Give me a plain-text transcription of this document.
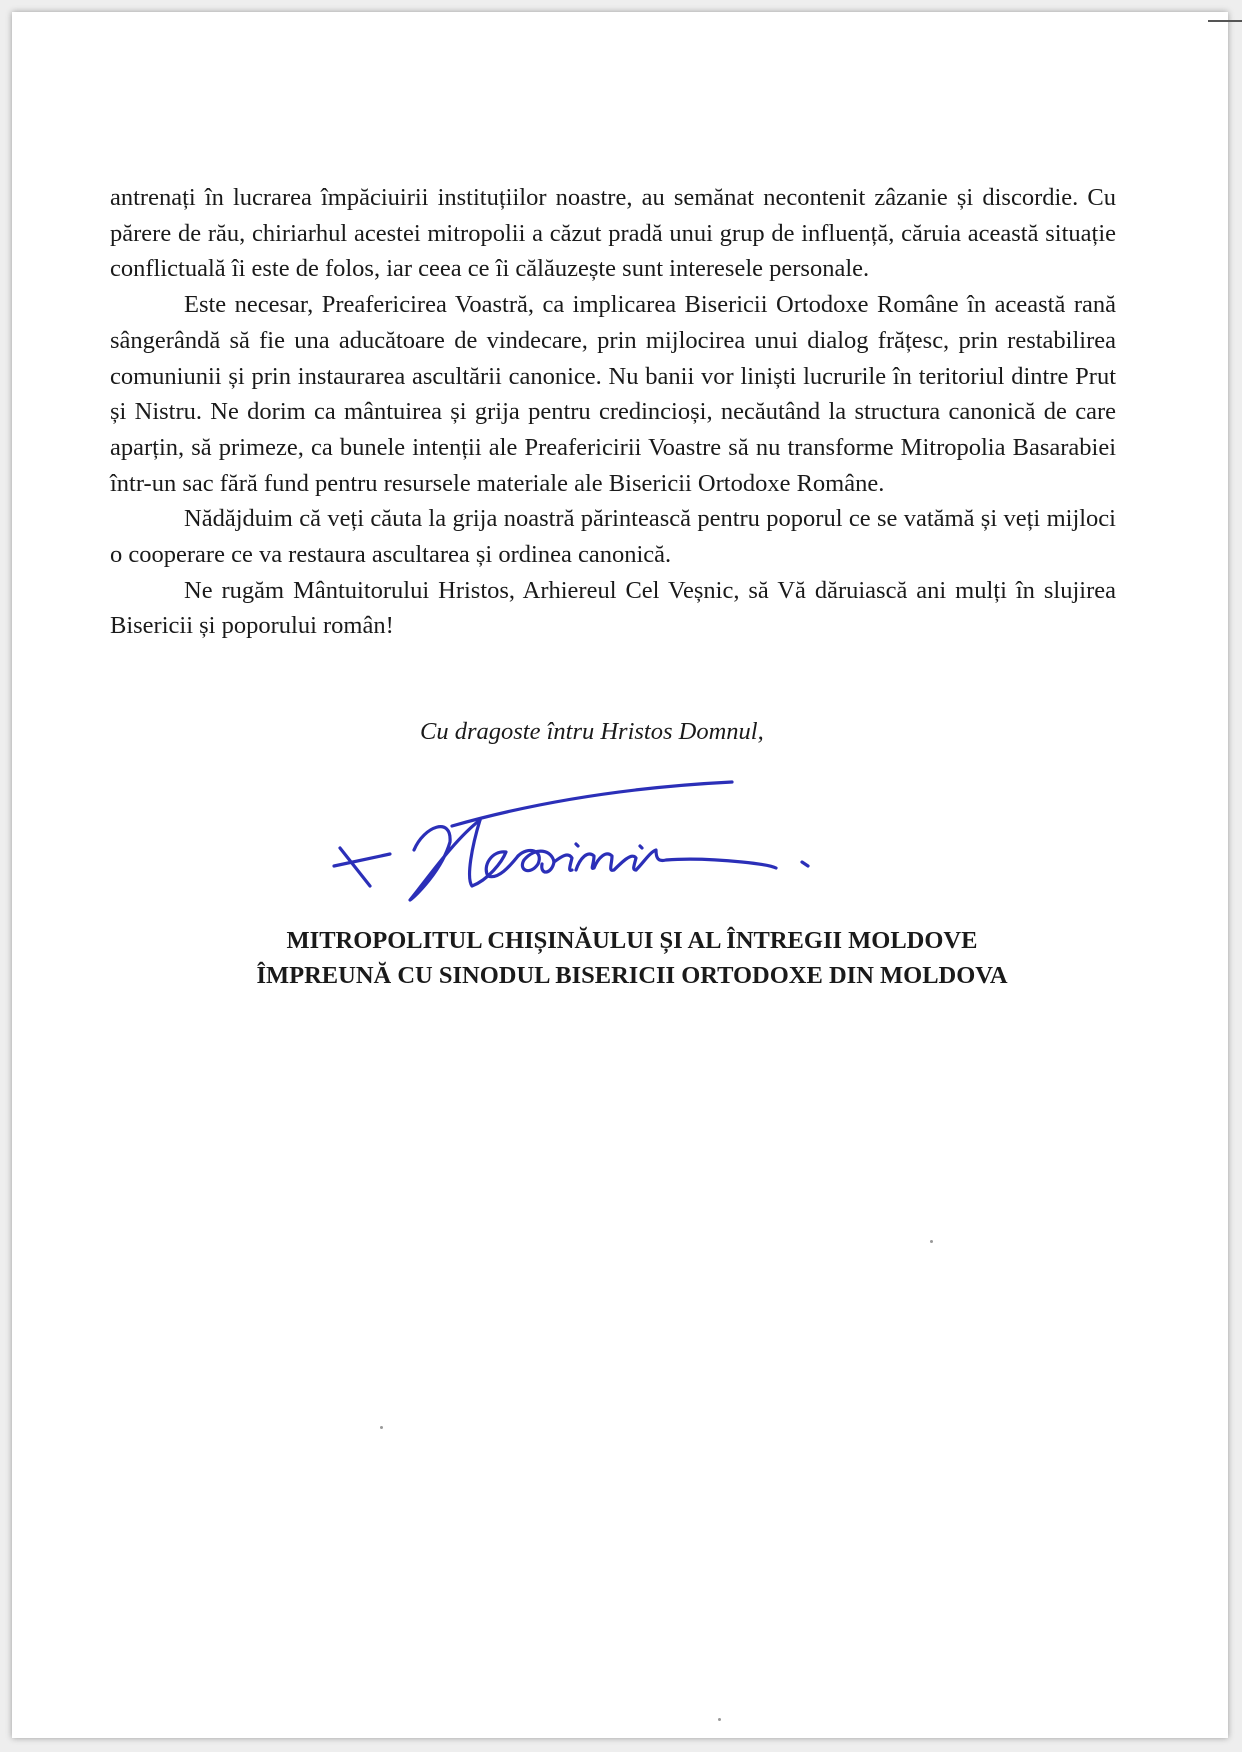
antrenați în lucrarea împăciuirii instituțiilor noastre, au semănat necontenit zâzanie și discordie. Cu părere de rău, chiriarhul acestei mitropolii a căzut pradă unui grup de influență, căruia această situație conflictuală îi este de folos, iar ceea ce îi călăuzește sunt interesele personale.

Este necesar, Preafericirea Voastră, ca implicarea Bisericii Ortodoxe Române în această rană sângerândă să fie una aducătoare de vindecare, prin mijlocirea unui dialog frățesc, prin restabilirea comuniunii și prin instaurarea ascultării canonice. Nu banii vor liniști lucrurile în teritoriul dintre Prut și Nistru. Ne dorim ca mântuirea și grija pentru credincioși, necăutând la structura canonică de care aparțin, să primeze, ca bunele intenții ale Preafericirii Voastre să nu transforme Mitropolia Basarabiei într-un sac fără fund pentru resursele materiale ale Bisericii Ortodoxe Române.

Nădăjduim că veți căuta la grija noastră părintească pentru poporul ce se vatămă și veți mijloci o cooperare ce va restaura ascultarea și ordinea canonică.

Ne rugăm Mântuitorului Hristos, Arhiereul Cel Veșnic, să Vă dăruiască ani mulți în slujirea Bisericii și poporului român!

Cu dragoste întru Hristos Domnul,
MITROPOLITUL CHIȘINĂULUI ȘI AL ÎNTREGII MOLDOVE
ÎMPREUNĂ CU SINODUL BISERICII ORTODOXE DIN MOLDOVA
